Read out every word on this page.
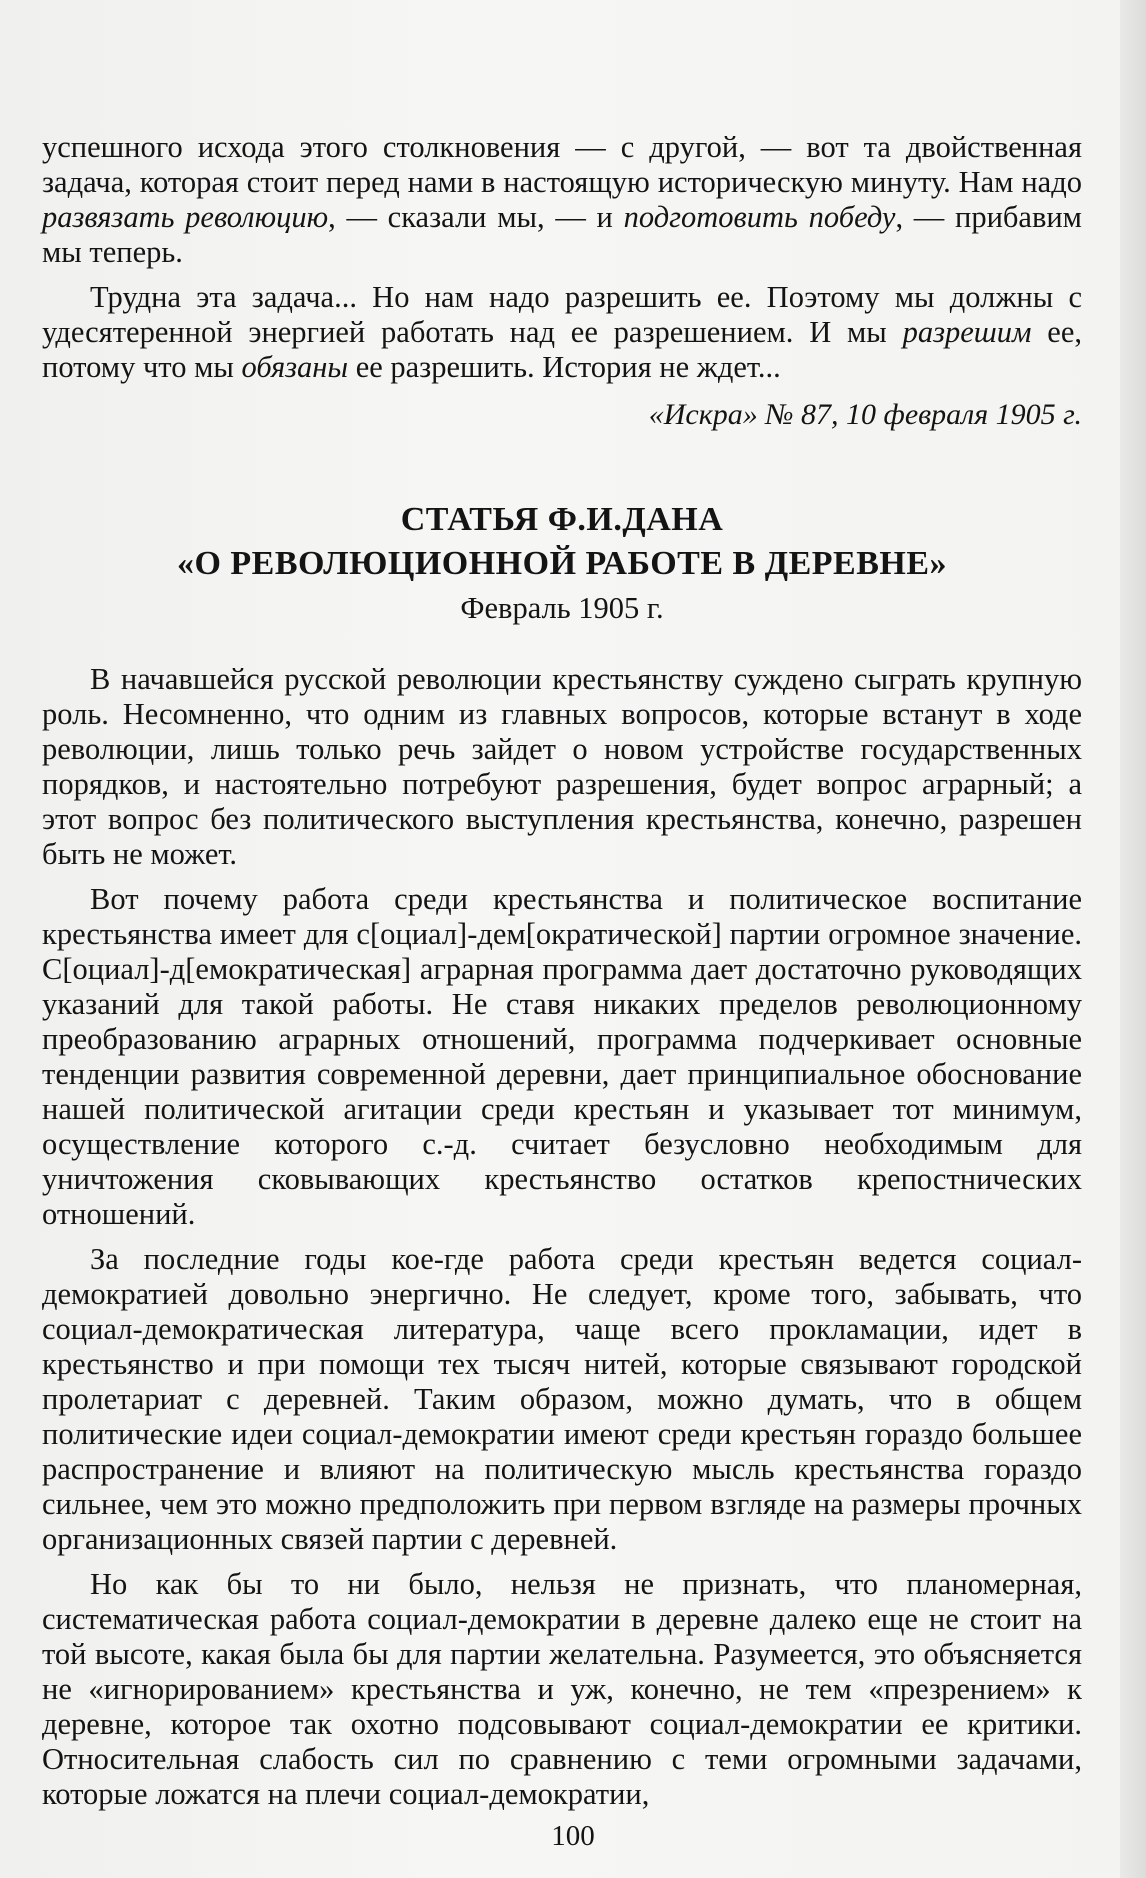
успешного исхода этого столкновения — с другой, — вот та двойственная задача, которая стоит перед нами в настоящую историческую минуту. Нам надо развязать революцию, — сказали мы, — и подготовить победу, — прибавим мы теперь.

Трудна эта задача... Но нам надо разрешить ее. Поэтому мы должны с удесятеренной энергией работать над ее разрешением. И мы разрешим ее, потому что мы обязаны ее разрешить. История не ждет...

«Искра» № 87, 10 февраля 1905 г.
СТАТЬЯ Ф.И.ДАНА
«О РЕВОЛЮЦИОННОЙ РАБОТЕ В ДЕРЕВНЕ»
Февраль 1905 г.

В начавшейся русской революции крестьянству суждено сыграть крупную роль. Несомненно, что одним из главных вопросов, которые встанут в ходе революции, лишь только речь зайдет о новом устройстве государственных порядков, и настоятельно потребуют разрешения, будет вопрос аграрный; а этот вопрос без политического выступления крестьянства, конечно, разрешен быть не может.

Вот почему работа среди крестьянства и политическое воспитание крестьянства имеет для с[оциал]-дем[ократической] партии огромное значение. С[оциал]-д[емократическая] аграрная программа дает достаточно руководящих указаний для такой работы. Не ставя никаких пределов революционному преобразованию аграрных отношений, программа подчеркивает основные тенденции развития современной деревни, дает принципиальное обоснование нашей политической агитации среди крестьян и указывает тот минимум, осуществление которого с.-д. считает безусловно необходимым для уничтожения сковывающих крестьянство остатков крепостнических отношений.

За последние годы кое-где работа среди крестьян ведется социал-демократией довольно энергично. Не следует, кроме того, забывать, что социал-демократическая литература, чаще всего прокламации, идет в крестьянство и при помощи тех тысяч нитей, которые связывают городской пролетариат с деревней. Таким образом, можно думать, что в общем политические идеи социал-демократии имеют среди крестьян гораздо большее распространение и влияют на политическую мысль крестьянства гораздо сильнее, чем это можно предположить при первом взгляде на размеры прочных организационных связей партии с деревней.

Но как бы то ни было, нельзя не признать, что планомерная, систематическая работа социал-демократии в деревне далеко еще не стоит на той высоте, какая была бы для партии желательна. Разумеется, это объясняется не «игнорированием» крестьянства и уж, конечно, не тем «презрением» к деревне, которое так охотно подсовывают социал-демократии ее критики. Относительная слабость сил по сравнению с теми огромными задачами, которые ложатся на плечи социал-демократии,

100
